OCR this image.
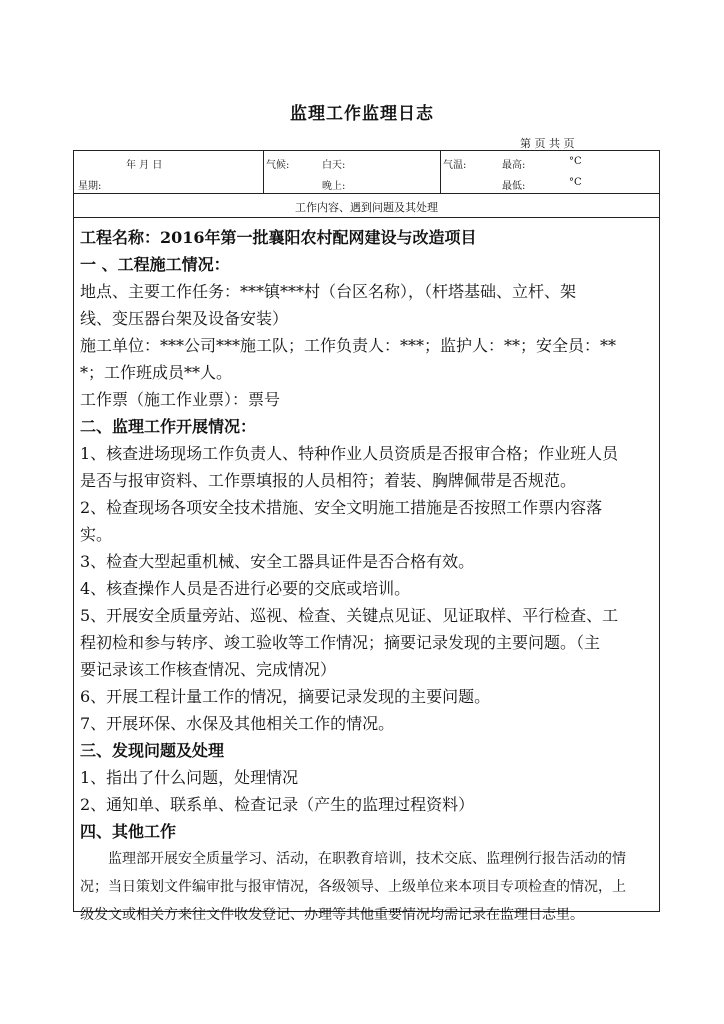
监理工作监理日志
第 页 共 页
年 月 日
星期:
气候:	白天:
晚上:
气温:	最高:
最低:
°C
°C
工作内容、遇到问题及其处理
工程名称：2016年第一批襄阳农村配网建设与改造项目
一 、工程施工情况：
地点、主要工作任务：***镇***村（台区名称），（杆塔基础、立杆、架
线、变压器台架及设备安装）
施工单位：***公司***施工队；工作负责人：***；监护人：**；安全员：**
*；工作班成员**人。
工作票（施工作业票）：票号
二、监理工作开展情况：
1、核查进场现场工作负责人、特种作业人员资质是否报审合格；作业班人员
是否与报审资料、工作票填报的人员相符；着装、胸牌佩带是否规范。
2、检查现场各项安全技术措施、安全文明施工措施是否按照工作票内容落
实。
3、检查大型起重机械、安全工器具证件是否合格有效。
4、核查操作人员是否进行必要的交底或培训。
5、开展安全质量旁站、巡视、检查、关键点见证、见证取样、平行检查、工
程初检和参与转序、竣工验收等工作情况；摘要记录发现的主要问题。（主
要记录该工作核查情况、完成情况）
6、开展工程计量工作的情况，摘要记录发现的主要问题。
7、开展环保、水保及其他相关工作的情况。
三、发现问题及处理
1、指出了什么问题，处理情况
2、通知单、联系单、检查记录（产生的监理过程资料）
四、其他工作
监理部开展安全质量学习、活动，在职教育培训，技术交底、监理例行报告活动的情
况；当日策划文件编审批与报审情况，各级领导、上级单位来本项目专项检查的情况，上
级发文或相关方来往文件收发登记、办理等其他重要情况均需记录在监理日志里。
